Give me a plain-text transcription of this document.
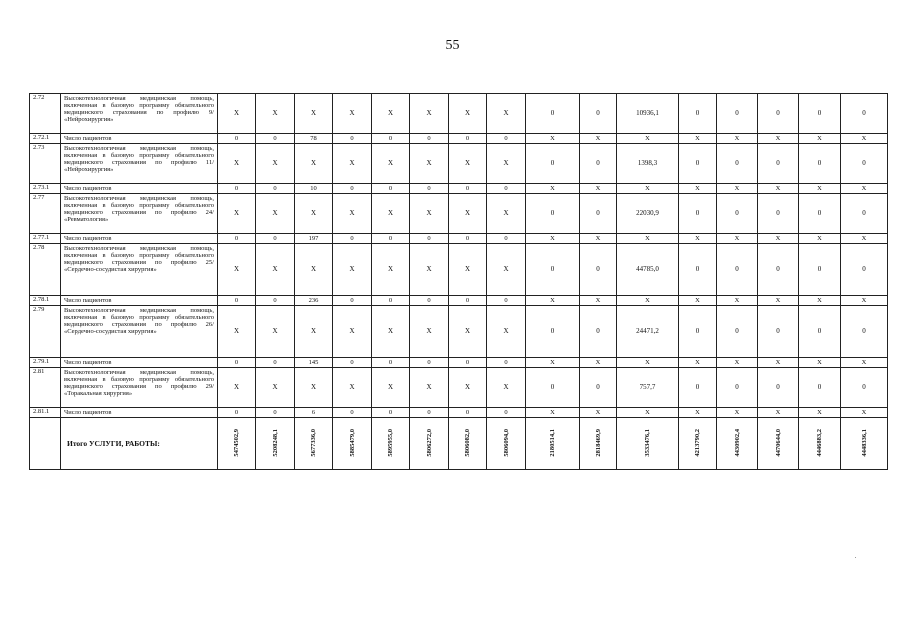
55
2.72	Высокотехнологичная медицинская помощь, включенная в базовую программу обязательного медицинского страхования по профилю 9/ «Нейрохирургия»	X	X	X	X	X	X	X	X	0	0	10936,1	0	0	0	0	0
2.72.1	Число пациентов	0	0	78	0	0	0	0	0	X	X	X	X	X	X	X	X
2.73	Высокотехнологичная медицинская помощь, включенная в базовую программу обязательного медицинского страхования по профилю 11/ «Нейрохирургия»	X	X	X	X	X	X	X	X	0	0	1398,3	0	0	0	0	0
2.73.1	Число пациентов	0	0	10	0	0	0	0	0	X	X	X	X	X	X	X	X
2.77	Высокотехнологичная медицинская помощь, включенная в базовую программу обязательного медицинского страхования по профилю 24/ «Ревматология»	X	X	X	X	X	X	X	X	0	0	22030,9	0	0	0	0	0
2.77.1	Число пациентов	0	0	197	0	0	0	0	0	X	X	X	X	X	X	X	X
2.78	Высокотехнологичная медицинская помощь, включенная в базовую программу обязательного медицинского страхования по профилю 25/ «Сердечно-сосудистая хирургия»	X	X	X	X	X	X	X	X	0	0	44785,0	0	0	0	0	0
2.78.1	Число пациентов	0	0	236	0	0	0	0	0	X	X	X	X	X	X	X	X
2.79	Высокотехнологичная медицинская помощь, включенная в базовую программу обязательного медицинского страхования по профилю 26/ «Сердечно-сосудистая хирургия»	X	X	X	X	X	X	X	X	0	0	24471,2	0	0	0	0	0
2.79.1	Число пациентов	0	0	145	0	0	0	0	0	X	X	X	X	X	X	X	X
2.81	Высокотехнологичная медицинская помощь, включенная в базовую программу обязательного медицинского страхования по профилю 29/ «Торакальная хирургия»	X	X	X	X	X	X	X	X	0	0	757,7	0	0	0	0	0
2.81.1	Число пациентов	0	0	6	0	0	0	0	0	X	X	X	X	X	X	X	X
	Итого УСЛУГИ, РАБОТЫ:	5474502,9	5208248,1	5677336,0	5885479,0	5895955,0	5806272,0	5806082,0	5806094,0	2180514,1	2818469,9	3533476,1	4213790,2	4430902,4	4470644,0	4446883,2	4448336,1
